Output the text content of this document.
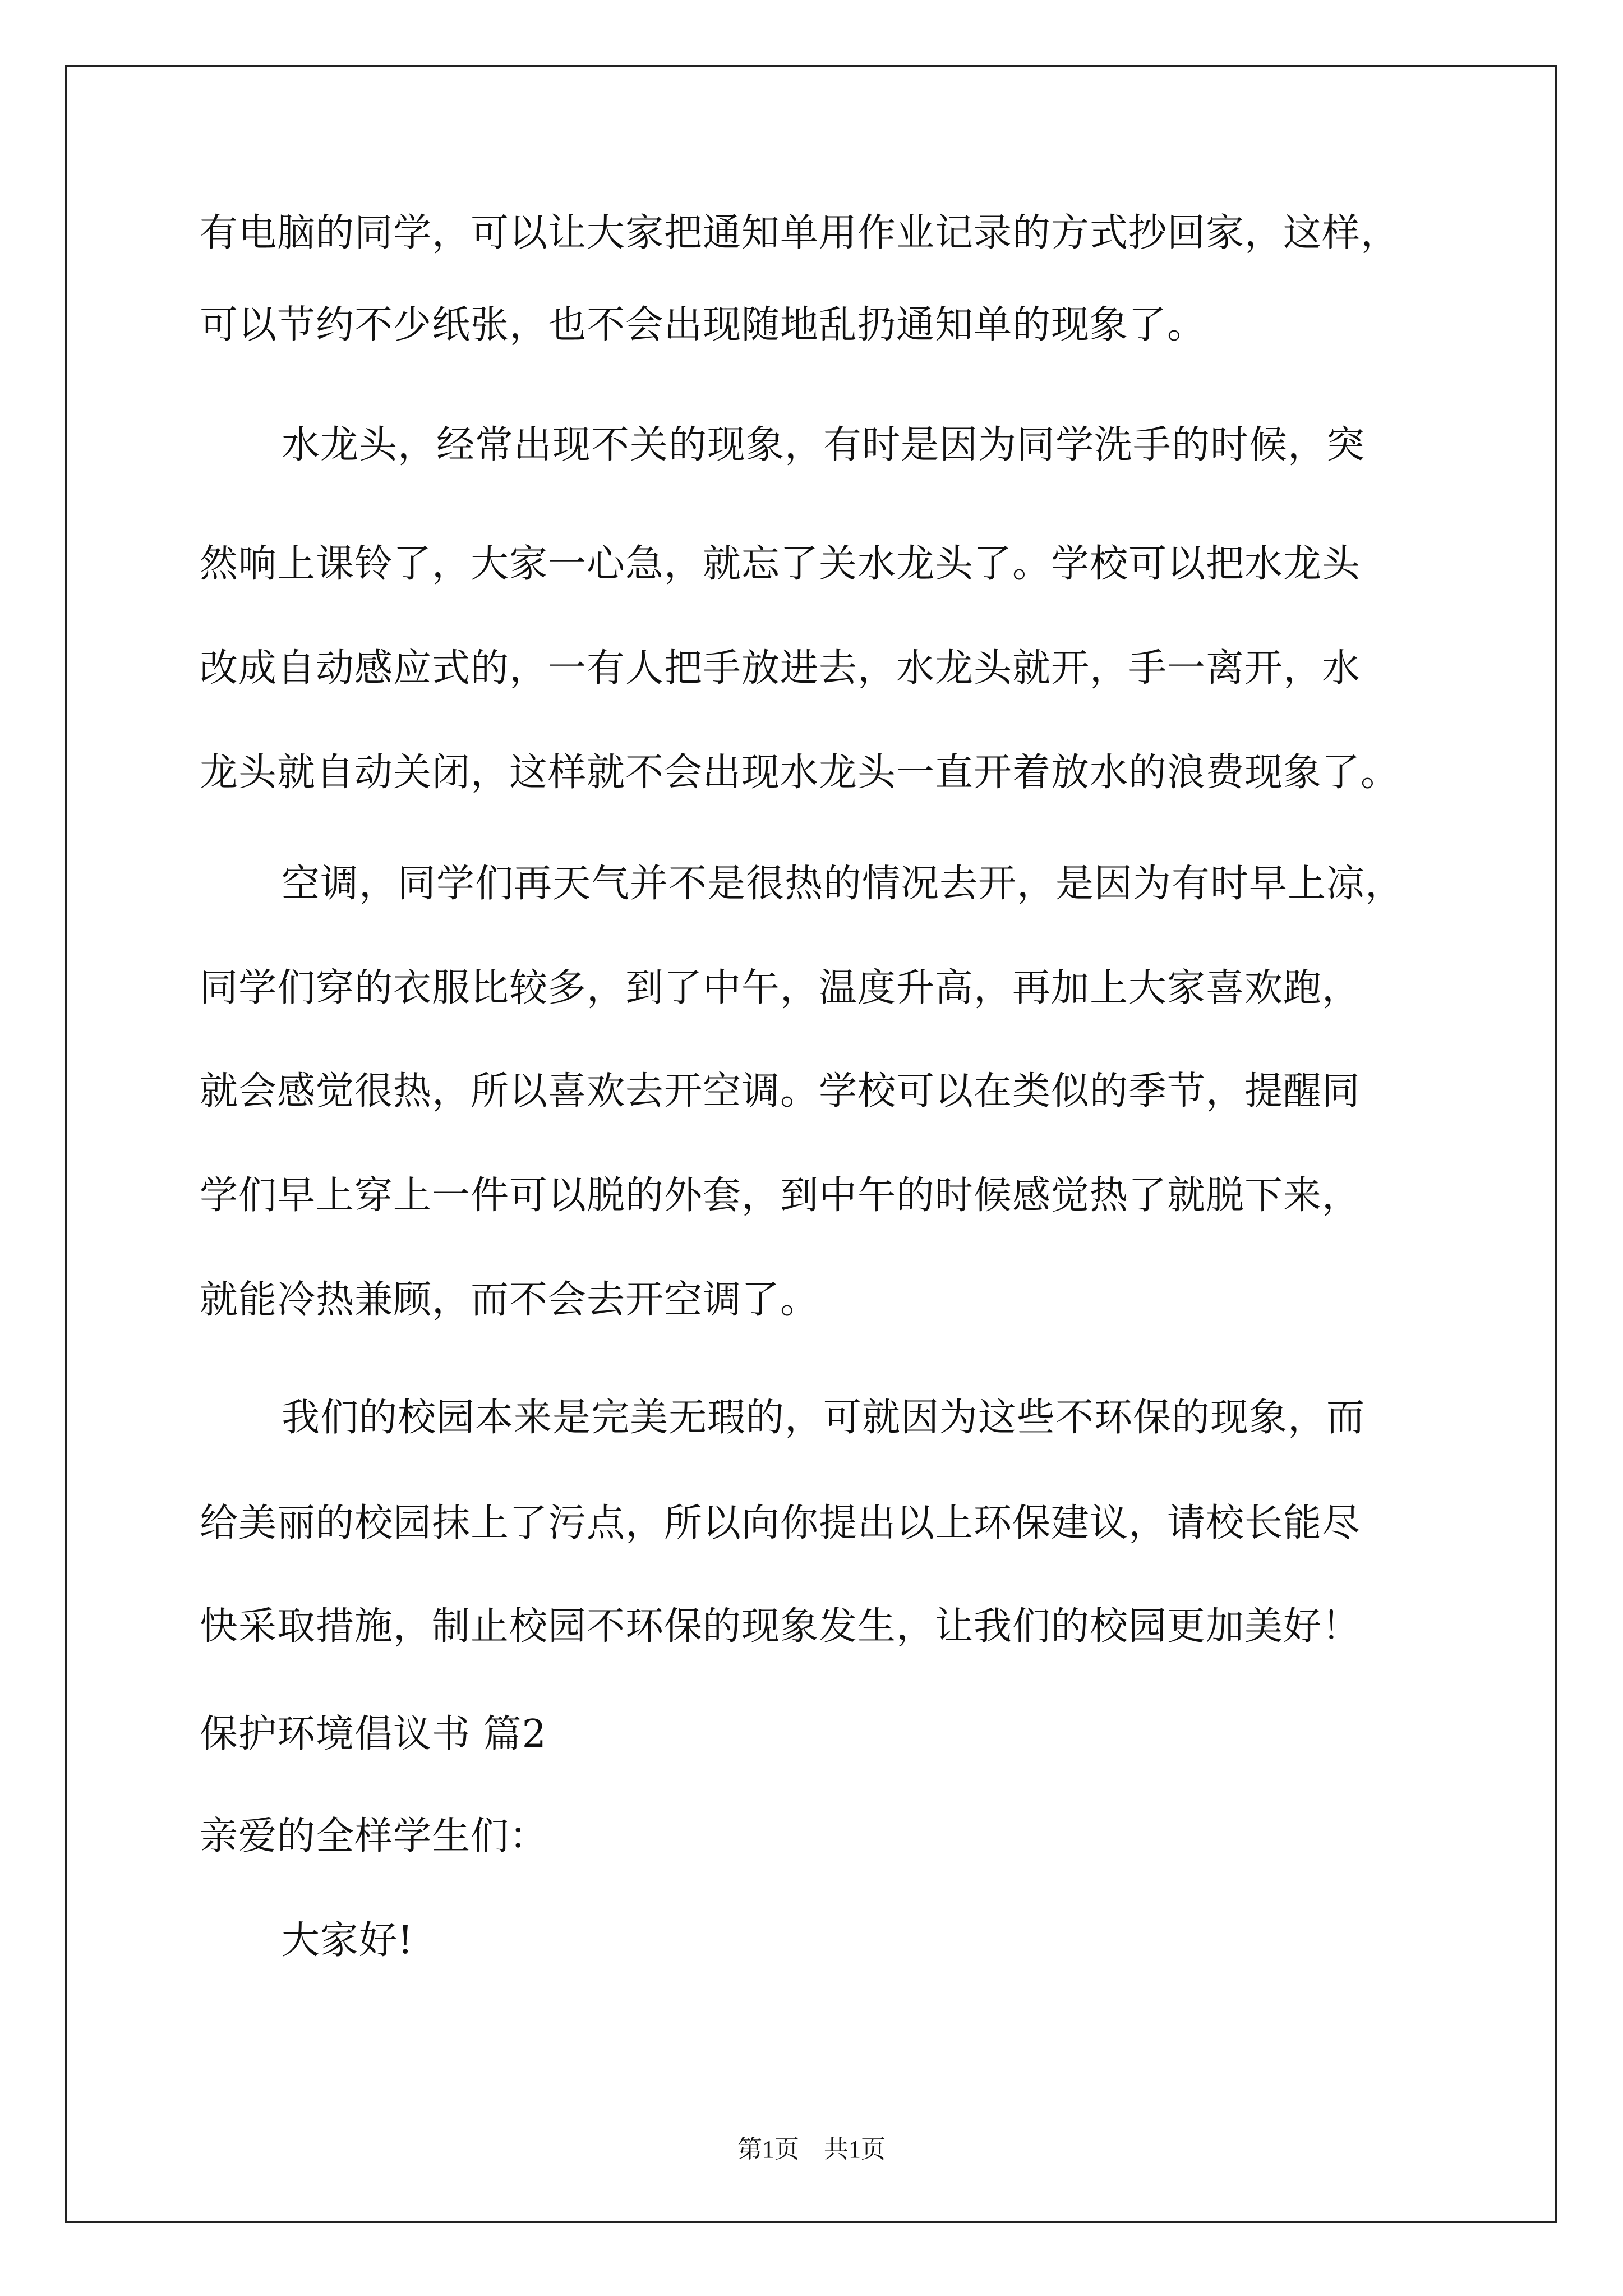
有电脑的同学，可以让大家把通知单用作业记录的方式抄回家，这样，
可以节约不少纸张，也不会出现随地乱扔通知单的现象了。
水龙头，经常出现不关的现象，有时是因为同学洗手的时候，突
然响上课铃了，大家一心急，就忘了关水龙头了。学校可以把水龙头
改成自动感应式的，一有人把手放进去，水龙头就开，手一离开，水
龙头就自动关闭，这样就不会出现水龙头一直开着放水的浪费现象了。
空调，同学们再天气并不是很热的情况去开，是因为有时早上凉，
同学们穿的衣服比较多，到了中午，温度升高，再加上大家喜欢跑，
就会感觉很热，所以喜欢去开空调。学校可以在类似的季节，提醒同
学们早上穿上一件可以脱的外套，到中午的时候感觉热了就脱下来，
就能冷热兼顾，而不会去开空调了。
我们的校园本来是完美无瑕的，可就因为这些不环保的现象，而
给美丽的校园抹上了污点，所以向你提出以上环保建议，请校长能尽
快采取措施，制止校园不环保的现象发生，让我们的校园更加美好！
保护环境倡议书 篇2
亲爱的全样学生们：
大家好!
第1页　共1页
